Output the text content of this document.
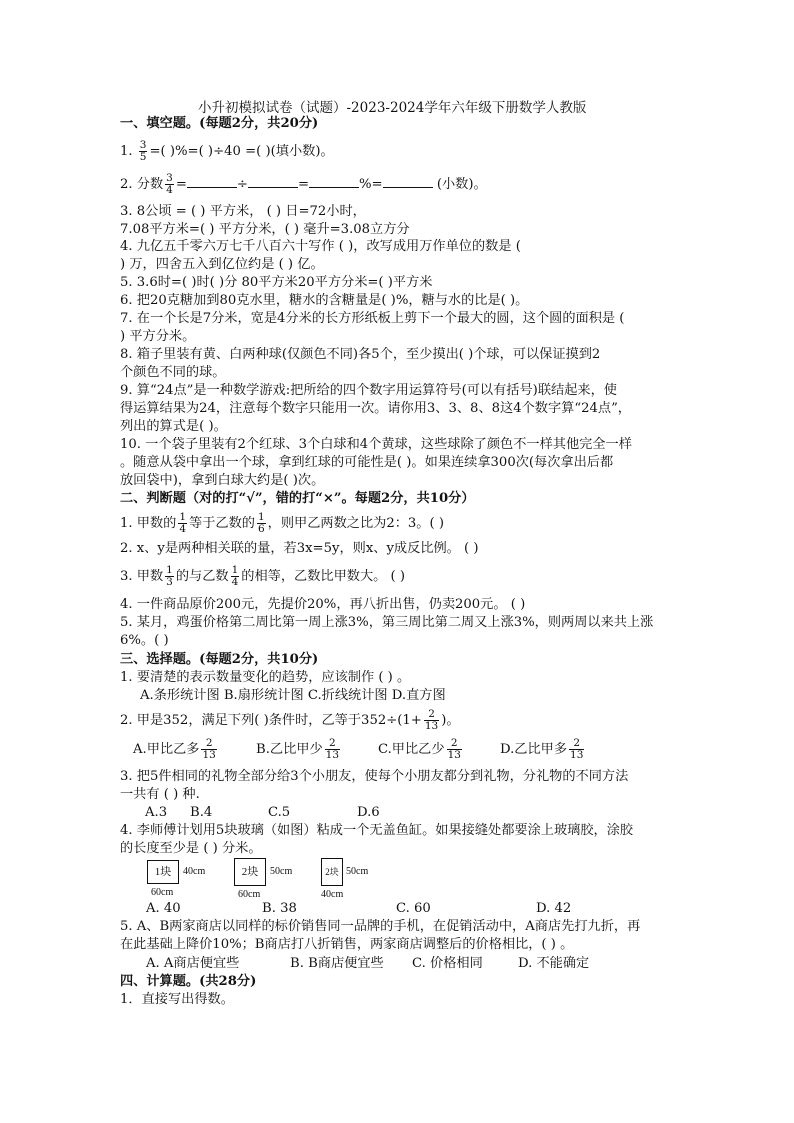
小升初模拟试卷（试题）-2023-2024学年六年级下册数学人教版
一、填空题。(每题2分，共20分)
1. $\frac{3}{5}$ =( )%=( )÷40 =( )(填小数)。
2. 分数 $\frac{3}{4}$ =	÷	=	%=	(小数)。
3. 8公顷 = ( ) 平方米， ( ) 日=72小时，
7.08平方米=( ) 平方分米，( ) 毫升=3.08立方分
4. 九亿五千零六万七千八百六十写作 ( )，改写成用万作单位的数是 (
) 万，四舍五入到亿位约是 ( ) 亿。
5. 3.6时=( )时( )分 80平方米20平方分米=( )平方米
6. 把20克糖加到80克水里，糖水的含糖量是( )%，糖与水的比是( )。
7. 在一个长是7分米，宽是4分米的长方形纸板上剪下一个最大的圆，这个圆的面积是 (
) 平方分米。
8. 箱子里装有黄、白两种球(仅颜色不同)各5个，至少摸出( )个球，可以保证摸到2
个颜色不同的球。
9. 算“24点”是一种数学游戏:把所给的四个数字用运算符号(可以有括号)联结起来，使
得运算结果为24，注意每个数字只能用一次。请你用3、3、8、8这4个数字算“24点”，
列出的算式是( )。
10. 一个袋子里装有2个红球、3个白球和4个黄球，这些球除了颜色不一样其他完全一样
。随意从袋中拿出一个球，拿到红球的可能性是( )。如果连续拿300次(每次拿出后都
放回袋中)，拿到白球大约是( )次。
二、判断题（对的打“√”，错的打“×”。每题2分，共10分）
1. 甲数的 $\frac{1}{4}$ 等于乙数的 $\frac{1}{6}$ ，则甲乙两数之比为2：3。( )
2. x、y是两种相关联的量，若3x=5y，则x、y成反比例。 ( )
3. 甲数 $\frac{1}{3}$ 的与乙数 $\frac{1}{4}$ 的相等，乙数比甲数大。 ( )
4. 一件商品原价200元，先提价20%，再八折出售，仍卖200元。 ( )
5. 某月，鸡蛋价格第二周比第一周上涨3%，第三周比第二周又上涨3%，则两周以来共上涨
6%。( )
三、选择题。(每题2分，共10分)
1. 要清楚的表示数量变化的趋势，应该制作 ( ) 。
A.条形统计图 B.扇形统计图 C.折线统计图 D.直方图
2. 甲是352，满足下列( )条件时，乙等于$352\div(1+ \frac{2}{13}$ )。
A.甲比乙多 $\frac{2}{13}$	B.乙比甲少 $\frac{2}{13}$	C.甲比乙少 $\frac{2}{13}$	D.乙比甲多 $\frac{2}{13}$
3. 把5件相同的礼物全部分给3个小朋友，使每个小朋友都分到礼物，分礼物的不同方法
一共有 ( ) 种.
A.3 B.4	C.5	D.6
4. 李师傅计划用5块玻璃（如图）粘成一个无盖鱼缸。如果接缝处都要涂上玻璃胶，涂胶
的长度至少是 ( ) 分米。
1块	40cm
60cm
2块	50cm
60cm
2块 50cm
40cm
A. 40	B. 38	C. 60	D. 42
5. A、B两家商店以同样的标价销售同一品牌的手机，在促销活动中，A商店先打九折，再
在此基础上降价10%；B商店打八折销售，两家商店调整后的价格相比，( ) 。
A. A商店便宜些	B. B商店便宜些 C. 价格相同	D. 不能确定
四、计算题。(共28分)
1．直接写出得数。
